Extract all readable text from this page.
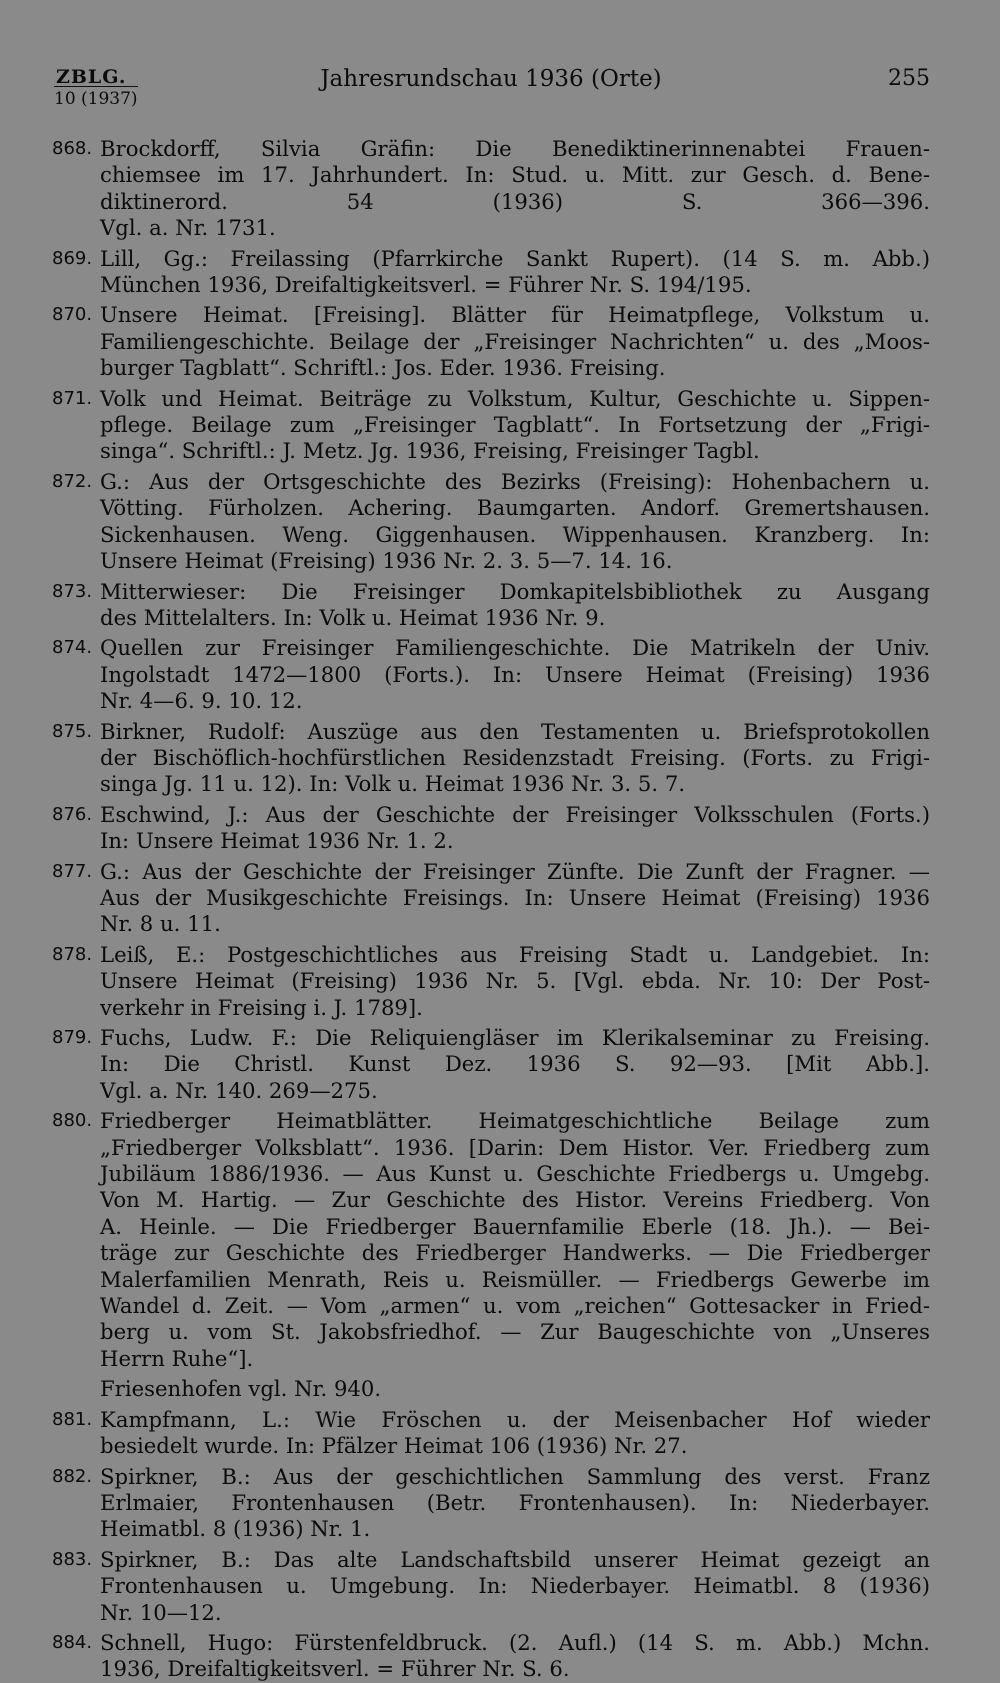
ZBLG.
10 (1937)
Jahresrundschau 1936 (Orte)	255
868. Brockdorff, Silvia Gräfin: Die Benediktinerinnenabtei Frauen-
chiemsee im 17. Jahrhundert. In: Stud. u. Mitt. zur Gesch. d. Bene-
diktinerord. 54 (1936) S. 366—396.
Vgl. a. Nr. 1731.
869. Lill, Gg.: Freilassing (Pfarrkirche Sankt Rupert). (14 S. m. Abb.)
München 1936, Dreifaltigkeitsverl. = Führer Nr. S. 194/195.
870. Unsere Heimat. [Freising]. Blätter für Heimatpflege, Volkstum u.
Familiengeschichte. Beilage der „Freisinger Nachrichten“ u. des „Moos-
burger Tagblatt“. Schriftl.: Jos. Eder. 1936. Freising.
871. Volk und Heimat. Beiträge zu Volkstum, Kultur, Geschichte u. Sippen-
pflege. Beilage zum „Freisinger Tagblatt“. In Fortsetzung der „Frigi-
singa“. Schriftl.: J. Metz. Jg. 1936, Freising, Freisinger Tagbl.
872. G.: Aus der Ortsgeschichte des Bezirks (Freising): Hohenbachern u.
Vötting. Fürholzen. Achering. Baumgarten. Andorf. Gremertshausen.
Sickenhausen. Weng. Giggenhausen. Wippenhausen. Kranzberg. In:
Unsere Heimat (Freising) 1936 Nr. 2. 3. 5—7. 14. 16.
873. Mitterwieser: Die Freisinger Domkapitelsbibliothek zu Ausgang
des Mittelalters. In: Volk u. Heimat 1936 Nr. 9.
874. Quellen zur Freisinger Familiengeschichte. Die Matrikeln der Univ.
Ingolstadt 1472—1800 (Forts.). In: Unsere Heimat (Freising) 1936
Nr. 4—6. 9. 10. 12.
875. Birkner, Rudolf: Auszüge aus den Testamenten u. Briefsprotokollen
der Bischöflich-hochfürstlichen Residenzstadt Freising. (Forts. zu Frigi-
singa Jg. 11 u. 12). In: Volk u. Heimat 1936 Nr. 3. 5. 7.
876. Eschwind, J.: Aus der Geschichte der Freisinger Volksschulen (Forts.)
In: Unsere Heimat 1936 Nr. 1. 2.
877. G.: Aus der Geschichte der Freisinger Zünfte. Die Zunft der Fragner. —
Aus der Musikgeschichte Freisings. In: Unsere Heimat (Freising) 1936
Nr. 8 u. 11.
878. Leiß, E.: Postgeschichtliches aus Freising Stadt u. Landgebiet. In:
Unsere Heimat (Freising) 1936 Nr. 5. [Vgl. ebda. Nr. 10: Der Post-
verkehr in Freising i. J. 1789].
879. Fuchs, Ludw. F.: Die Reliquiengläser im Klerikalseminar zu Freising.
In: Die Christl. Kunst Dez. 1936 S. 92—93. [Mit Abb.].
Vgl. a. Nr. 140. 269—275.
880. Friedberger Heimatblätter. Heimatgeschichtliche Beilage zum
„Friedberger Volksblatt“. 1936. [Darin: Dem Histor. Ver. Friedberg zum
Jubiläum 1886/1936. — Aus Kunst u. Geschichte Friedbergs u. Umgebg.
Von M. Hartig. — Zur Geschichte des Histor. Vereins Friedberg. Von
A. Heinle. — Die Friedberger Bauernfamilie Eberle (18. Jh.). — Bei-
träge zur Geschichte des Friedberger Handwerks. — Die Friedberger
Malerfamilien Menrath, Reis u. Reismüller. — Friedbergs Gewerbe im
Wandel d. Zeit. — Vom „armen“ u. vom „reichen“ Gottesacker in Fried-
berg u. vom St. Jakobsfriedhof. — Zur Baugeschichte von „Unseres
Herrn Ruhe“].
Friesenhofen vgl. Nr. 940.
881. Kampfmann, L.: Wie Fröschen u. der Meisenbacher Hof wieder
besiedelt wurde. In: Pfälzer Heimat 106 (1936) Nr. 27.
882. Spirkner, B.: Aus der geschichtlichen Sammlung des verst. Franz
Erlmaier, Frontenhausen (Betr. Frontenhausen). In: Niederbayer.
Heimatbl. 8 (1936) Nr. 1.
883. Spirkner, B.: Das alte Landschaftsbild unserer Heimat gezeigt an
Frontenhausen u. Umgebung. In: Niederbayer. Heimatbl. 8 (1936)
Nr. 10—12.
884. Schnell, Hugo: Fürstenfeldbruck. (2. Aufl.) (14 S. m. Abb.) Mchn.
1936, Dreifaltigkeitsverl. = Führer Nr. S. 6.
